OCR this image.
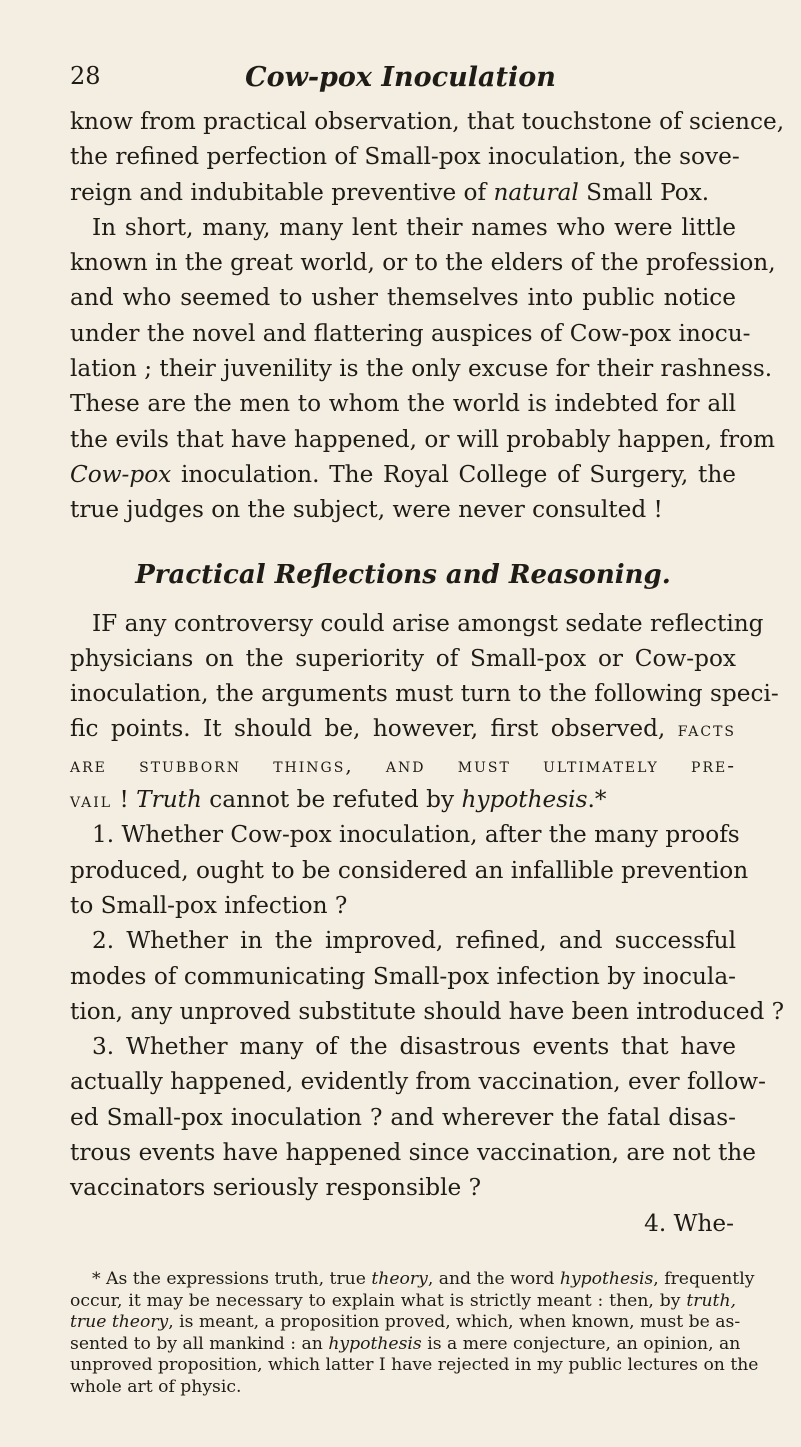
28	Cow-pox Inoculation
know from practical observation, that touchstone of science,
the refined perfection of Small-pox inoculation, the sove-
reign and indubitable preventive of natural Small Pox.
In short, many, many lent their names who were little
known in the great world, or to the elders of the profession,
and who seemed to usher themselves into public notice
under the novel and flattering auspices of Cow-pox inocu-
lation ; their juvenility is the only excuse for their rashness.
These are the men to whom the world is indebted for all
the evils that have happened, or will probably happen, from
Cow-pox inoculation. The Royal College of Surgery, the
true judges on the subject, were never consulted !
Practical Reflections and Reasoning.
IF any controversy could arise amongst sedate reflecting
physicians on the superiority of Small-pox or Cow-pox
inoculation, the arguments must turn to the following speci-
fic points. It should be, however, first observed, facts
are stubborn things, and must ultimately pre-
vail ! Truth cannot be refuted by hypothesis.*
1. Whether Cow-pox inoculation, after the many proofs
produced, ought to be considered an infallible prevention
to Small-pox infection ?
2. Whether in the improved, refined, and successful
modes of communicating Small-pox infection by inocula-
tion, any unproved substitute should have been introduced ?
3. Whether many of the disastrous events that have
actually happened, evidently from vaccination, ever follow-
ed Small-pox inoculation ? and wherever the fatal disas-
trous events have happened since vaccination, are not the
vaccinators seriously responsible ?
4. Whe-
* As the expressions truth, true theory, and the word hypothesis, frequently
occur, it may be necessary to explain what is strictly meant : then, by truth,
true theory, is meant, a proposition proved, which, when known, must be as-
sented to by all mankind : an hypothesis is a mere conjecture, an opinion, an
unproved proposition, which latter I have rejected in my public lectures on the
whole art of physic.
